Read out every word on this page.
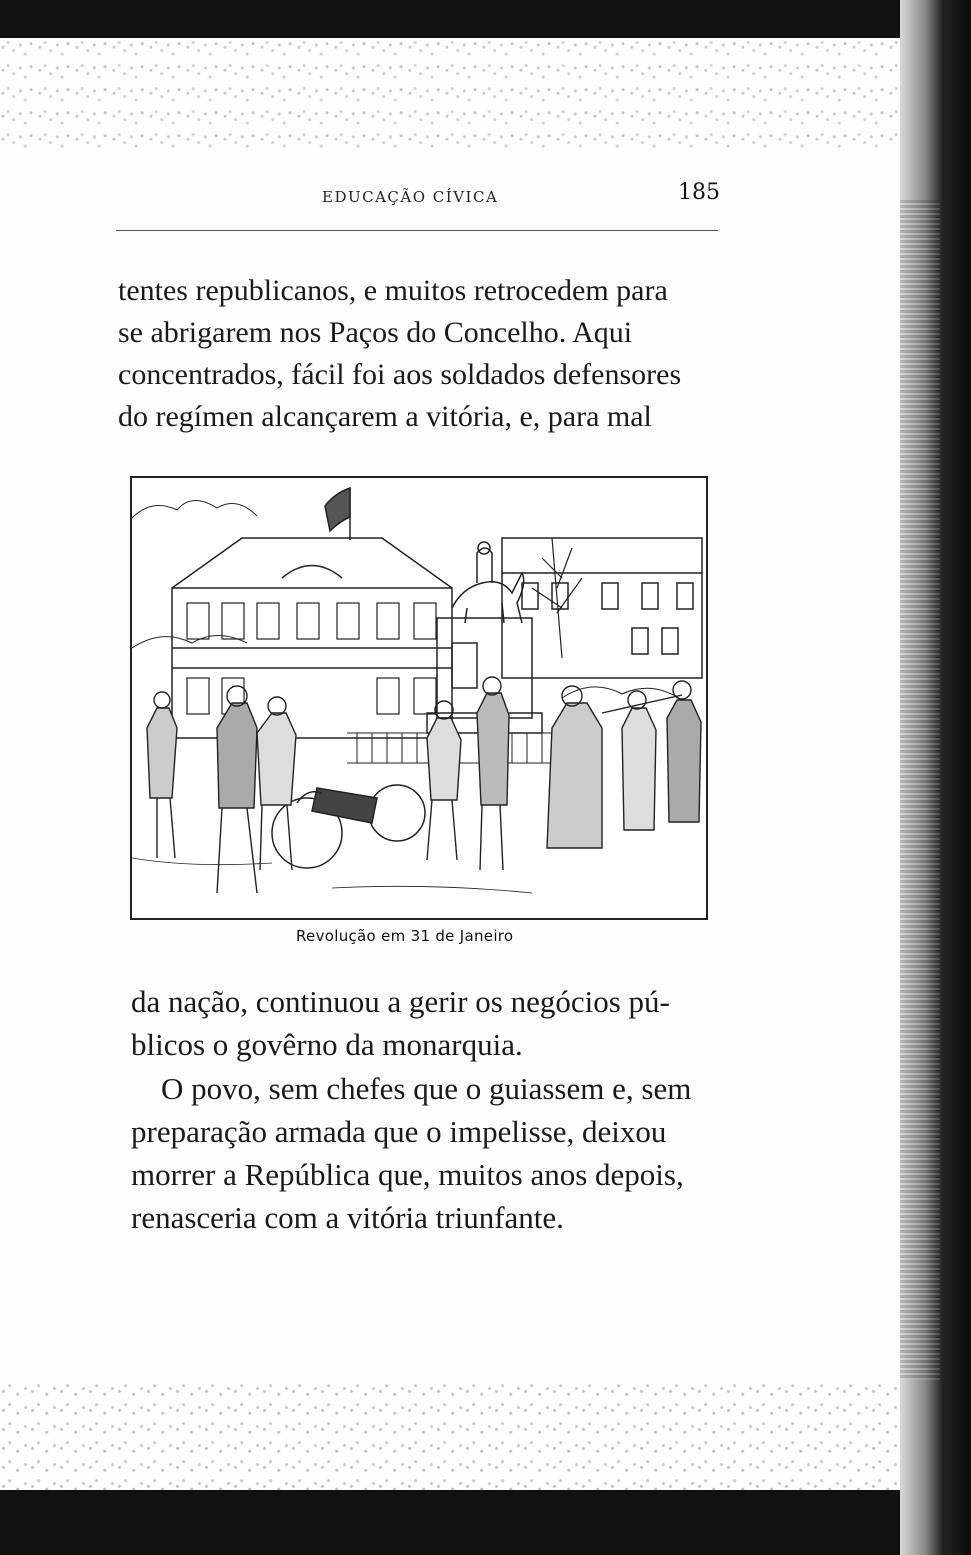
EDUCAÇÃO CÍVICA	185
tentes republicanos, e muitos retrocedem para
se abrigarem nos Paços do Concelho. Aqui
concentrados, fácil foi aos soldados defensores
do regímen alcançarem a vitória, e, para mal
Revolução em 31 de Janeiro
da nação, continuou a gerir os negócios pú-
blicos o govêrno da monarquia.
O povo, sem chefes que o guiassem e, sem
preparação armada que o impelisse, deixou
morrer a República que, muitos anos depois,
renasceria com a vitória triunfante.
